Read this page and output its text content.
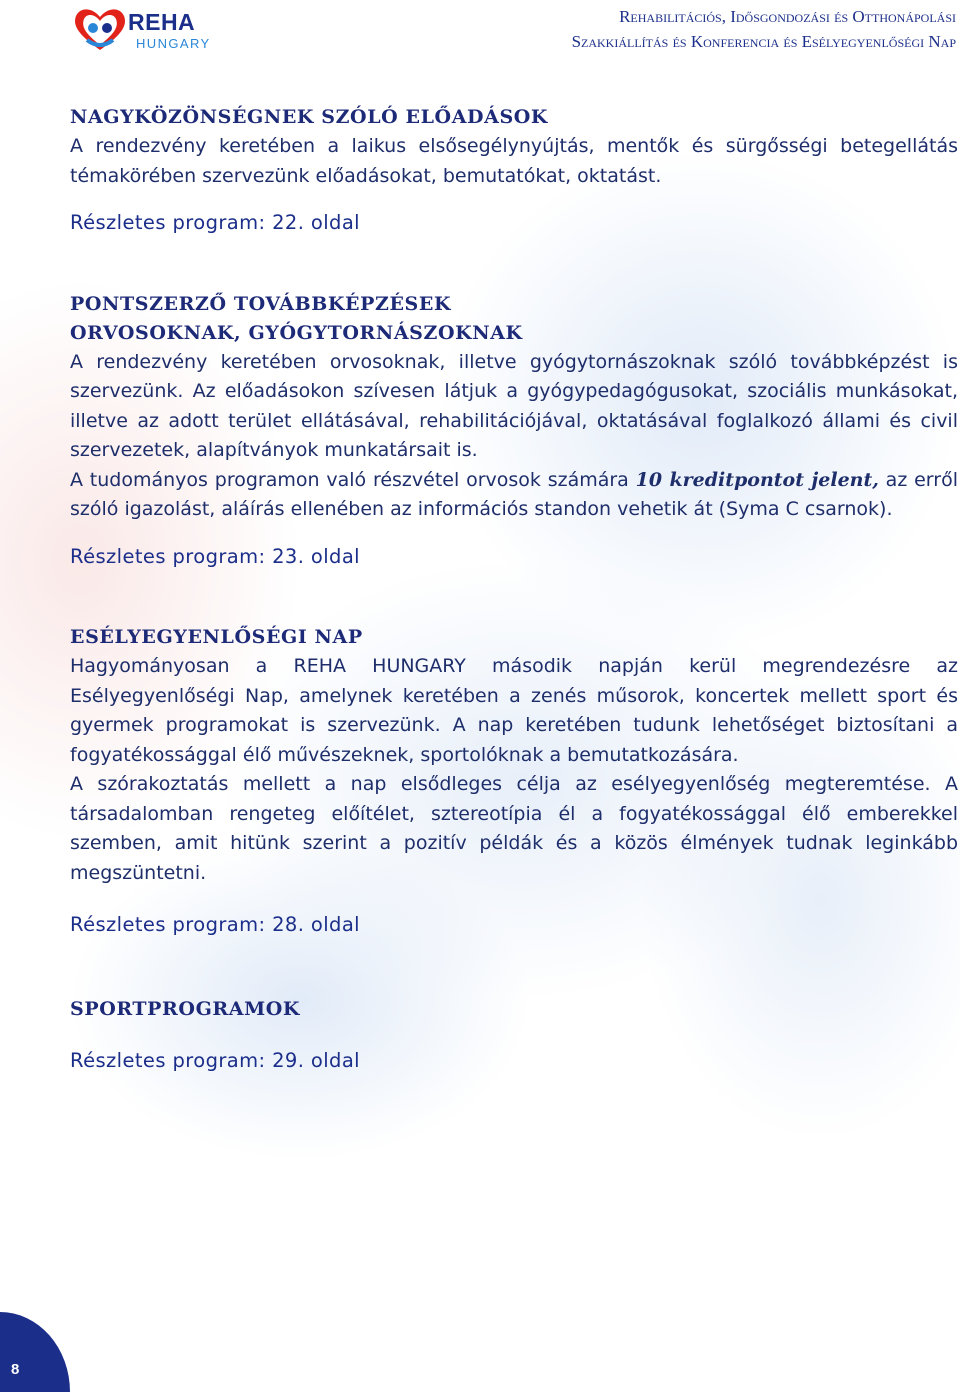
REHA
HUNGARY
Rehabilitációs, Idősgondozási és Otthonápolási
Szakkiállítás és Konferencia és Esélyegyenlőségi Nap
NAGYKÖZÖNSÉGNEK SZÓLÓ ELŐADÁSOK

A rendezvény keretében a laikus elsősegélynyújtás, mentők és sürgősségi betegellátás témakörében szervezünk előadásokat, bemutatókat, oktatást.

Részletes program: 22. oldal

PONTSZERZŐ TOVÁBBKÉPZÉSEK
ORVOSOKNAK, GYÓGYTORNÁSZOKNAK

A rendezvény keretében orvosoknak, illetve gyógytornászoknak szóló továbbképzést is szervezünk. Az előadásokon szívesen látjuk a gyógypedagógusokat, szociális munkásokat, illetve az adott terület ellátásával, rehabilitációjával, oktatásával foglalkozó állami és civil szervezetek, alapítványok munkatársait is.

A tudományos programon való részvétel orvosok számára 10 kreditpontot jelent, az erről szóló igazolást, aláírás ellenében az információs standon vehetik át (Syma C csarnok).

Részletes program: 23. oldal

ESÉLYEGYENLŐSÉGI NAP

Hagyományosan a REHA HUNGARY második napján kerül megrendezésre az Esélyegyenlőségi Nap, amelynek keretében a zenés műsorok, koncertek mellett sport és gyermek programokat is szervezünk. A nap keretében tudunk lehetőséget biztosítani a fogyatékossággal élő művészeknek, sportolóknak a bemutatkozására.

A szórakoztatás mellett a nap elsődleges célja az esélyegyenlőség megteremtése. A társadalomban rengeteg előítélet, sztereotípia él a fogyatékossággal élő emberekkel szemben, amit hitünk szerint a pozitív példák és a közös élmények tudnak leginkább megszüntetni.

Részletes program: 28. oldal

SPORTPROGRAMOK

Részletes program: 29. oldal

8
